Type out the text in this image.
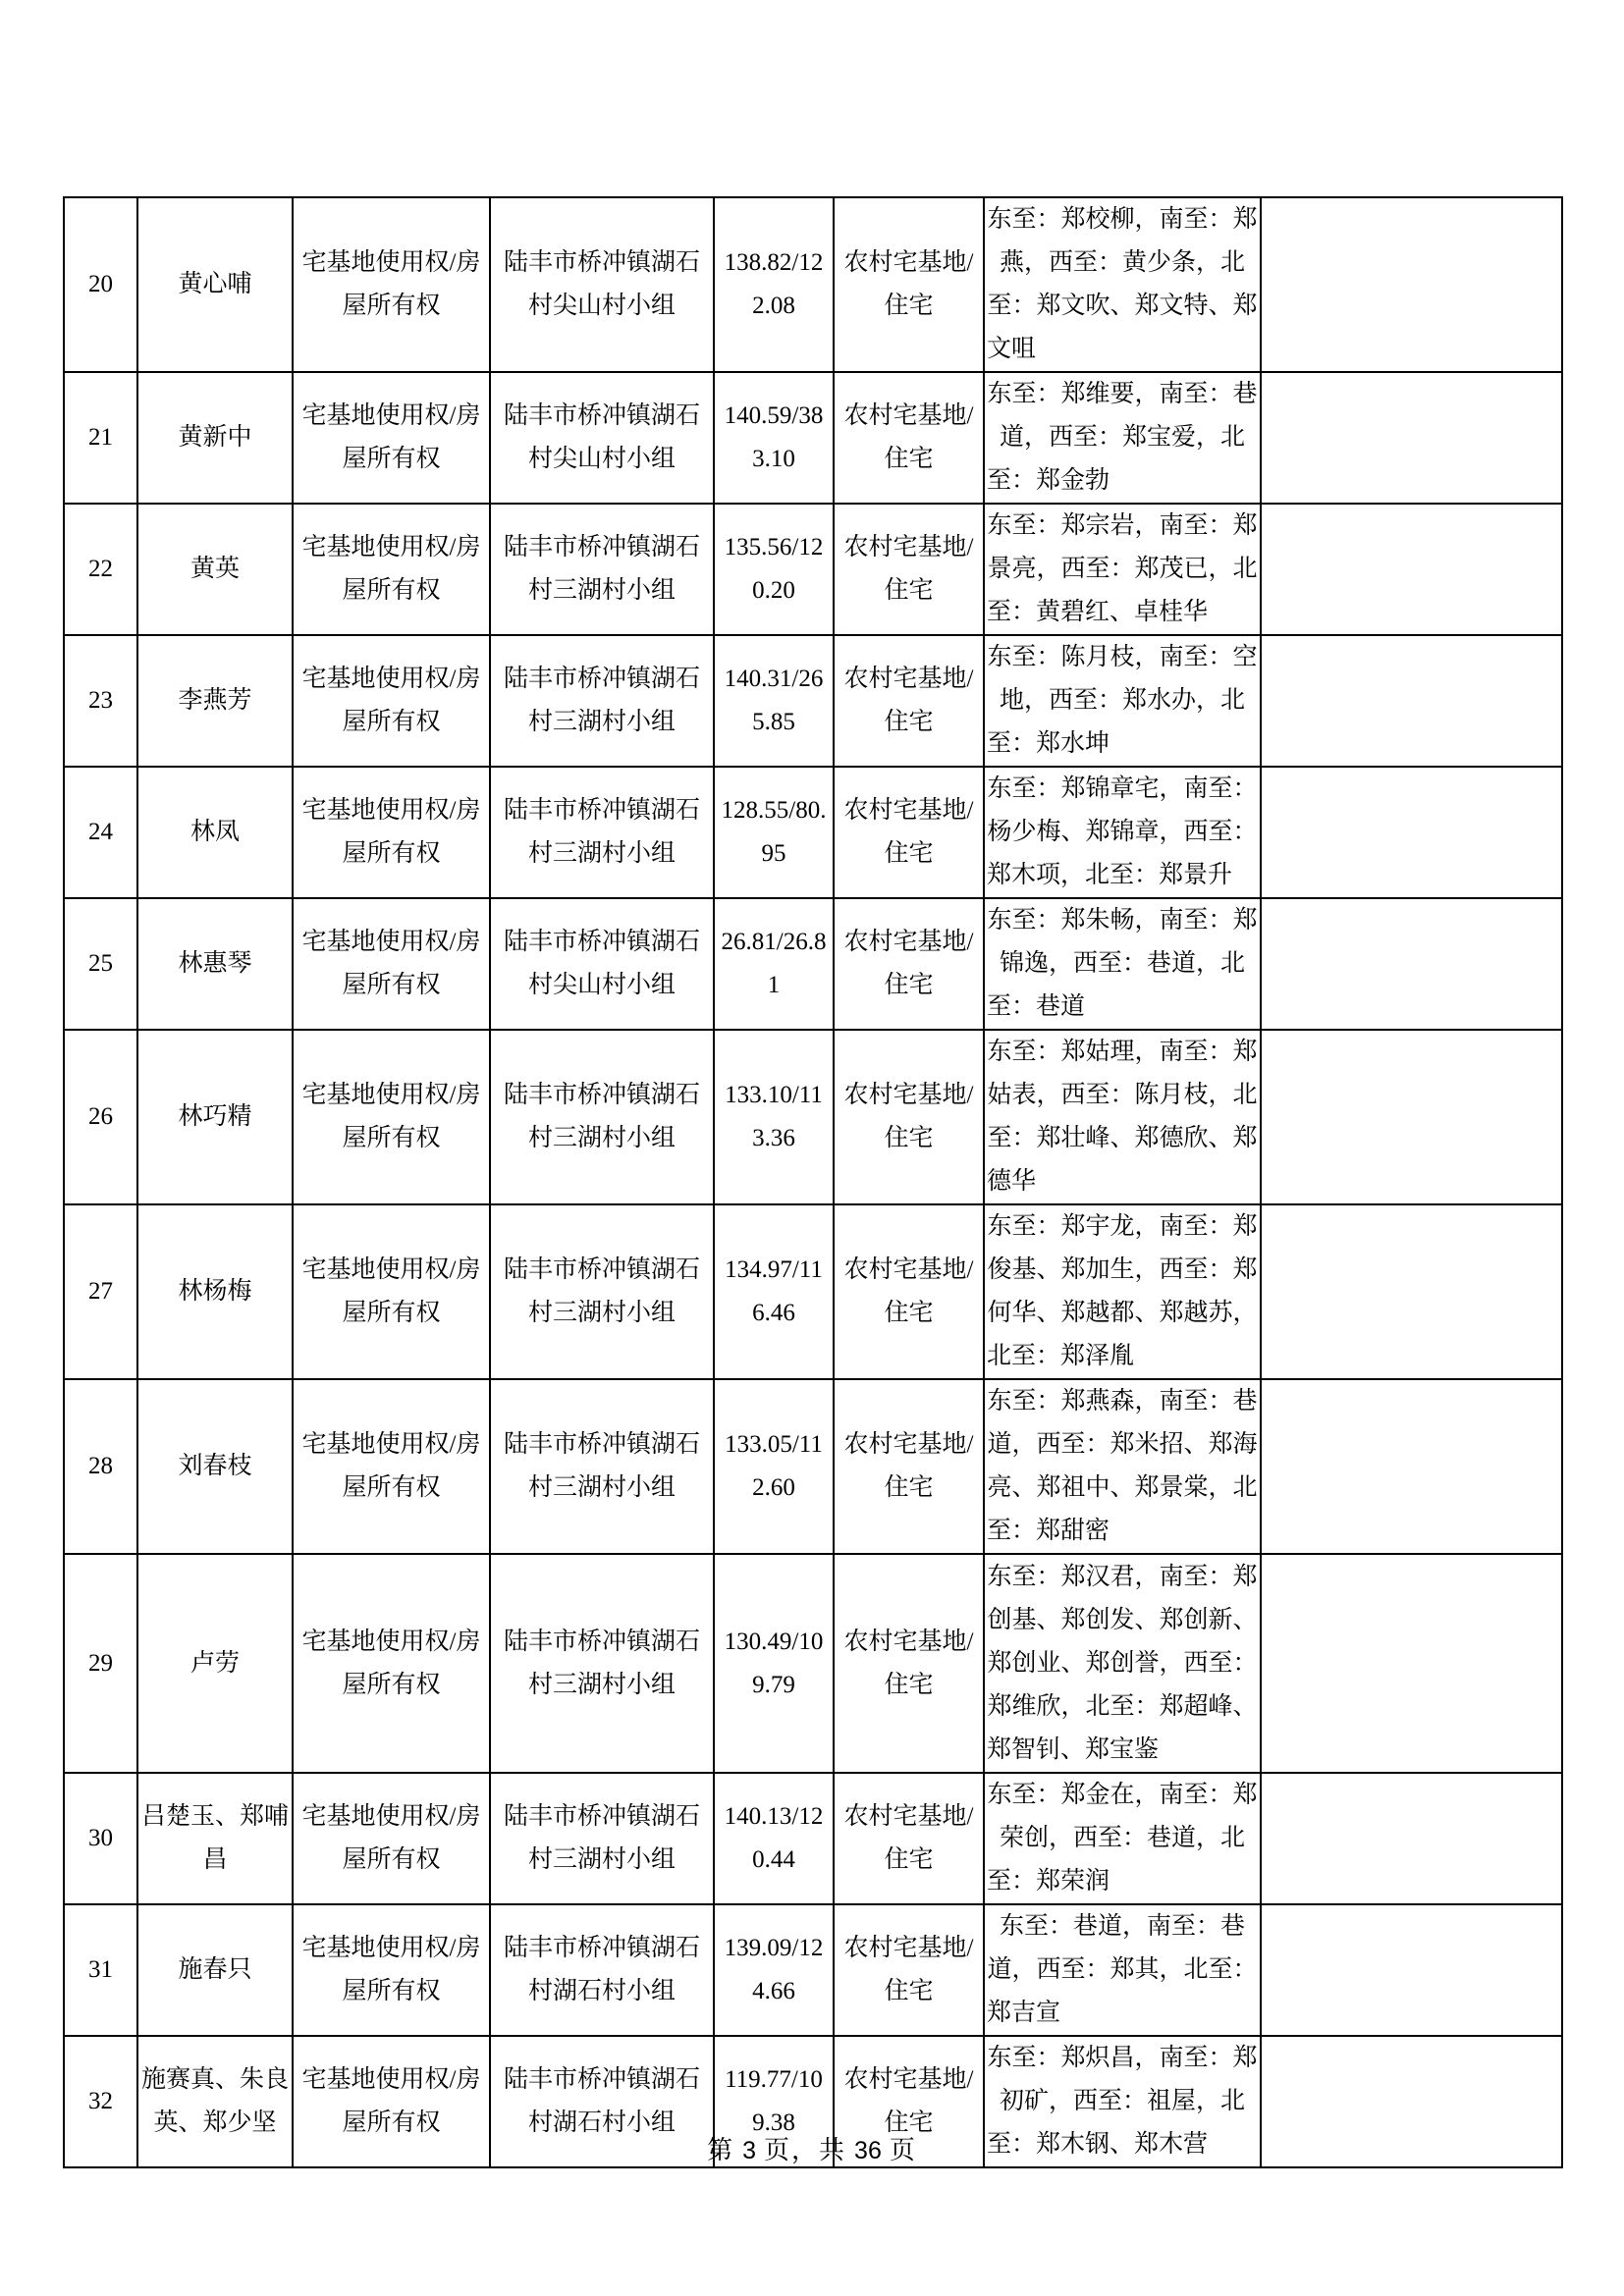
20	黄心哺	宅基地使用权/房屋所有权	陆丰市桥冲镇湖石村尖山村小组	138.82/122.08	农村宅基地/住宅	东至：郑校柳，南至：郑燕，西至：黄少条，北至：郑文吹、郑文特、郑文咀	
21	黄新中	宅基地使用权/房屋所有权	陆丰市桥冲镇湖石村尖山村小组	140.59/383.10	农村宅基地/住宅	东至：郑维要，南至：巷道，西至：郑宝爱，北至：郑金勃	
22	黄英	宅基地使用权/房屋所有权	陆丰市桥冲镇湖石村三湖村小组	135.56/120.20	农村宅基地/住宅	东至：郑宗岩，南至：郑景亮，西至：郑茂已，北至：黄碧红、卓桂华	
23	李燕芳	宅基地使用权/房屋所有权	陆丰市桥冲镇湖石村三湖村小组	140.31/265.85	农村宅基地/住宅	东至：陈月枝，南至：空地，西至：郑水办，北至：郑水坤	
24	林凤	宅基地使用权/房屋所有权	陆丰市桥冲镇湖石村三湖村小组	128.55/80.95	农村宅基地/住宅	东至：郑锦章宅，南至：杨少梅、郑锦章，西至：郑木项，北至：郑景升	
25	林惠琴	宅基地使用权/房屋所有权	陆丰市桥冲镇湖石村尖山村小组	26.81/26.81	农村宅基地/住宅	东至：郑朱畅，南至：郑锦逸，西至：巷道，北至：巷道	
26	林巧精	宅基地使用权/房屋所有权	陆丰市桥冲镇湖石村三湖村小组	133.10/113.36	农村宅基地/住宅	东至：郑姑理，南至：郑姑表，西至：陈月枝，北至：郑壮峰、郑德欣、郑德华	
27	林杨梅	宅基地使用权/房屋所有权	陆丰市桥冲镇湖石村三湖村小组	134.97/116.46	农村宅基地/住宅	东至：郑宇龙，南至：郑俊基、郑加生，西至：郑何华、郑越都、郑越苏，北至：郑泽胤	
28	刘春枝	宅基地使用权/房屋所有权	陆丰市桥冲镇湖石村三湖村小组	133.05/112.60	农村宅基地/住宅	东至：郑燕森，南至：巷道，西至：郑米招、郑海亮、郑祖中、郑景棠，北至：郑甜密	
29	卢劳	宅基地使用权/房屋所有权	陆丰市桥冲镇湖石村三湖村小组	130.49/109.79	农村宅基地/住宅	东至：郑汉君，南至：郑创基、郑创发、郑创新、郑创业、郑创誉，西至：郑维欣，北至：郑超峰、郑智钊、郑宝鉴	
30	吕楚玉、郑哺昌	宅基地使用权/房屋所有权	陆丰市桥冲镇湖石村三湖村小组	140.13/120.44	农村宅基地/住宅	东至：郑金在，南至：郑荣创，西至：巷道，北至：郑荣润	
31	施春只	宅基地使用权/房屋所有权	陆丰市桥冲镇湖石村湖石村小组	139.09/124.66	农村宅基地/住宅	东至：巷道，南至：巷道，西至：郑其，北至：郑吉宣	
32	施赛真、朱良英、郑少坚	宅基地使用权/房屋所有权	陆丰市桥冲镇湖石村湖石村小组	119.77/109.38	农村宅基地/住宅	东至：郑炽昌，南至：郑初矿，西至：祖屋，北至：郑木钢、郑木营	
第 3 页，共 36 页
